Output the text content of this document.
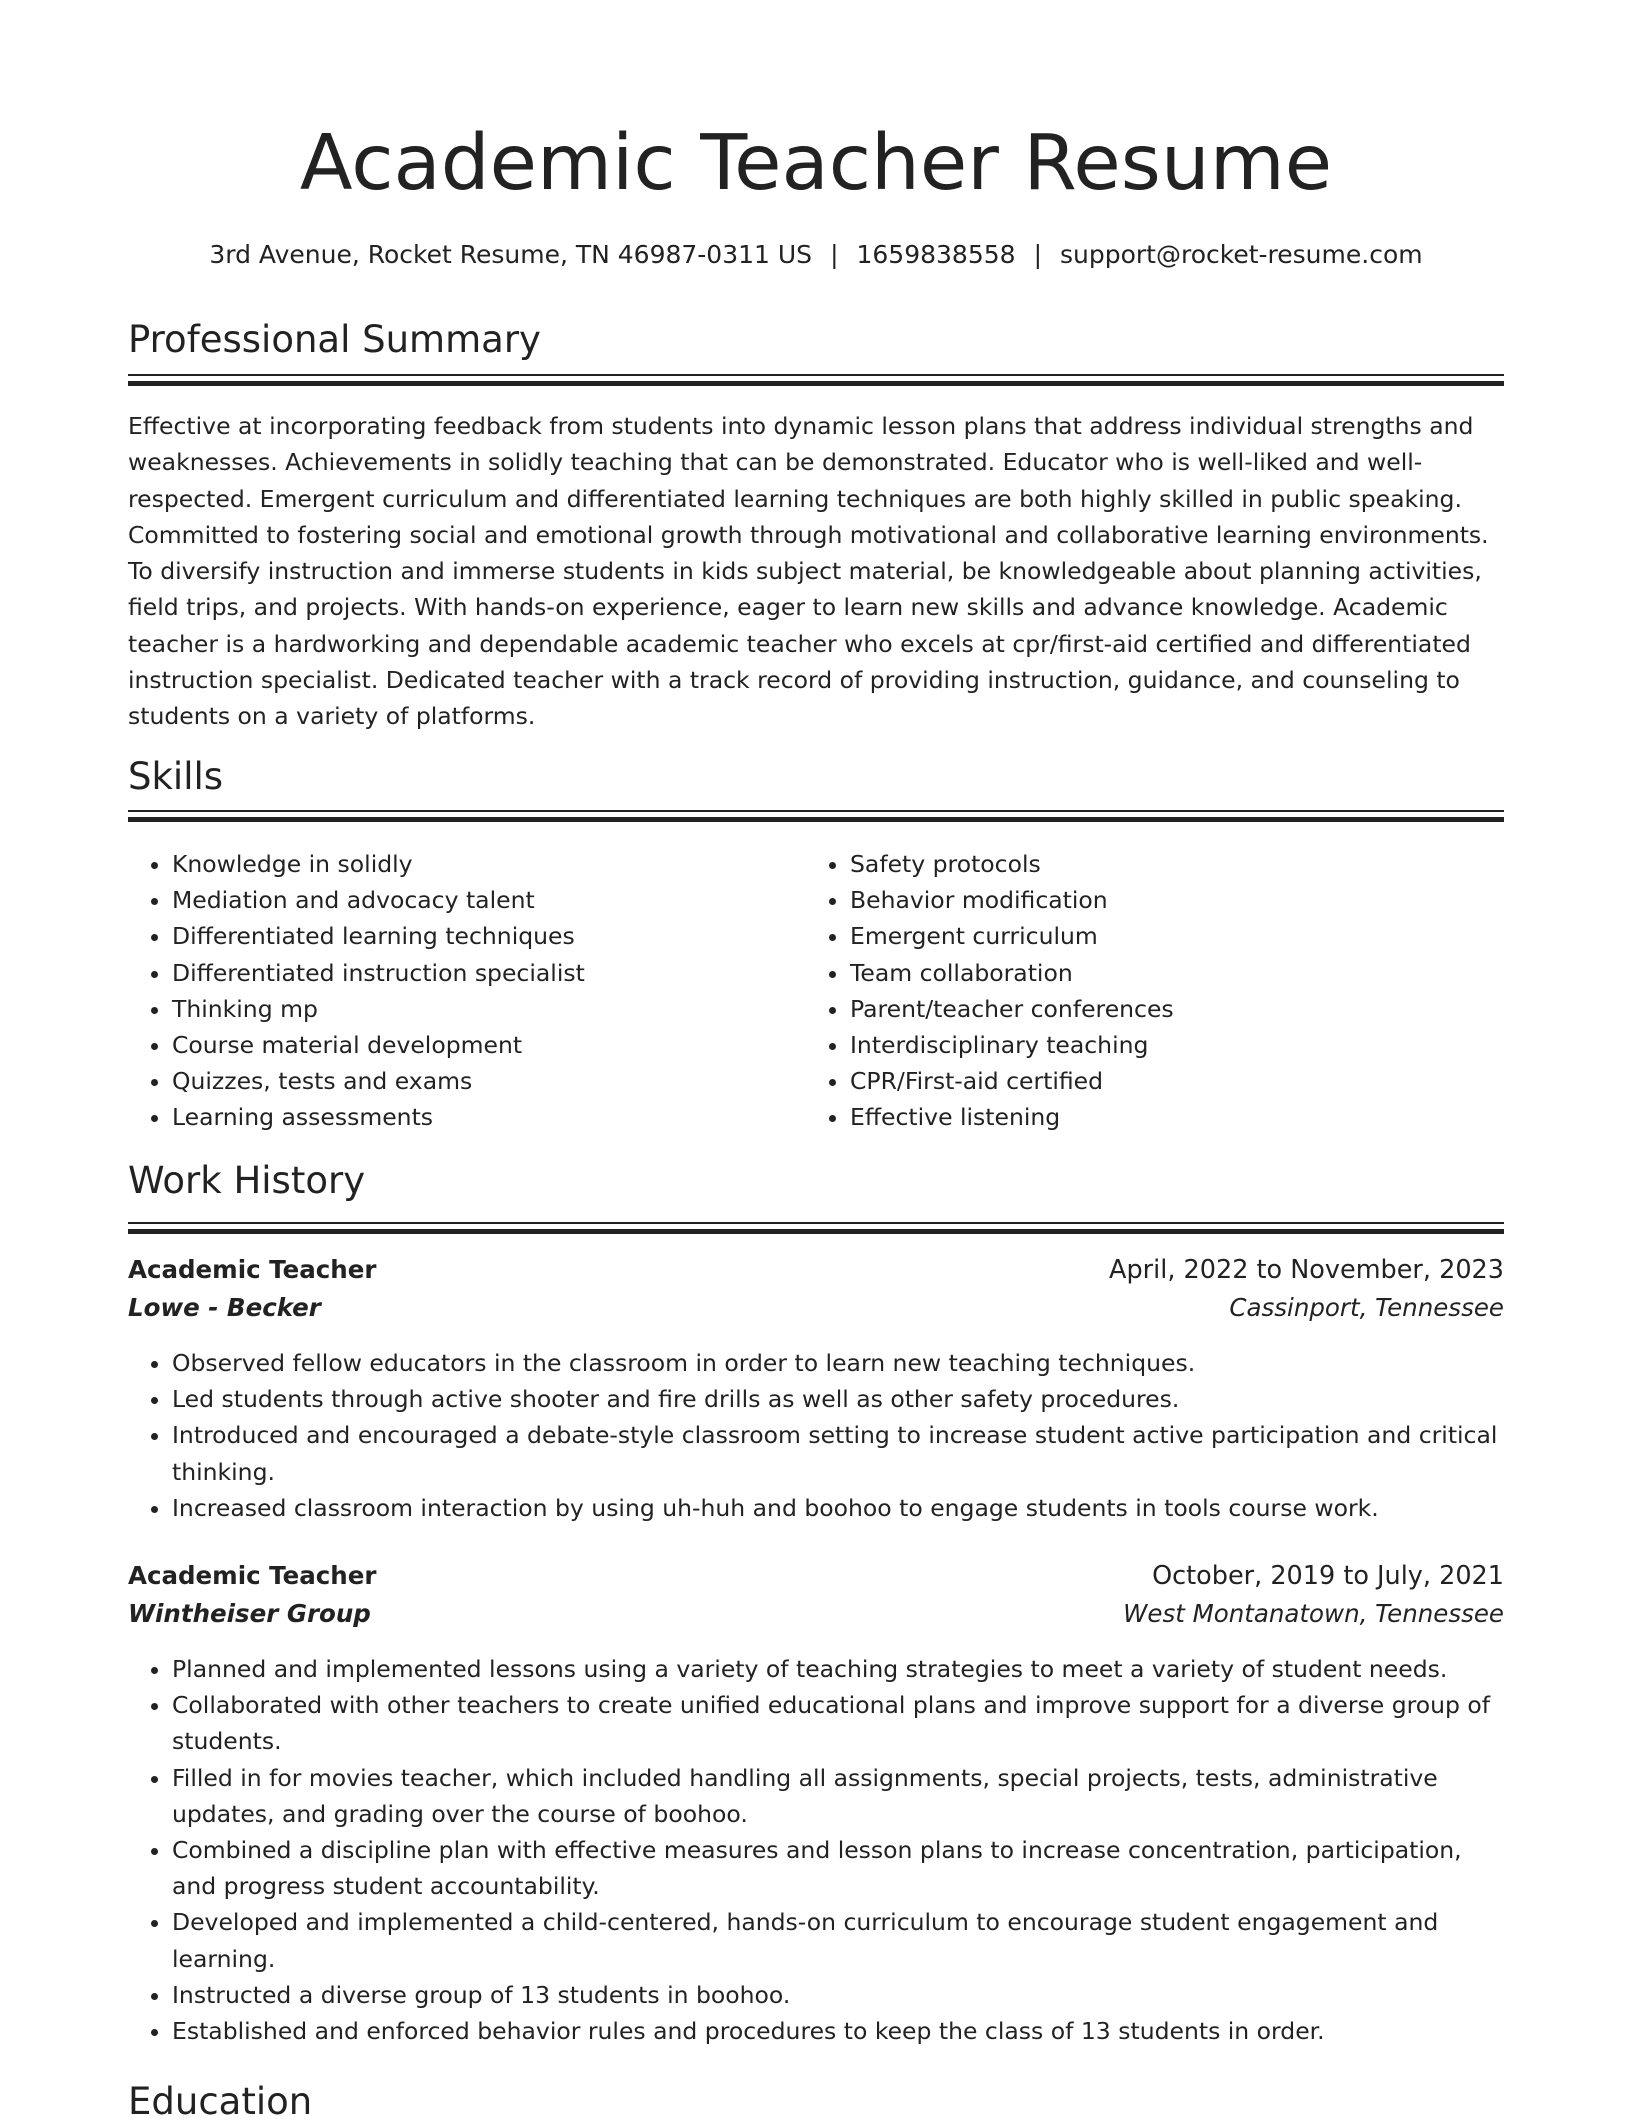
Academic Teacher Resume
3rd Avenue, Rocket Resume, TN 46987-0311 US | 1659838558 | support@rocket-resume.com
Professional Summary
Effective at incorporating feedback from students into dynamic lesson plans that address individual strengths and weaknesses. Achievements in solidly teaching that can be demonstrated. Educator who is well-liked and well-respected. Emergent curriculum and differentiated learning techniques are both highly skilled in public speaking. Committed to fostering social and emotional growth through motivational and collaborative learning environments. To diversify instruction and immerse students in kids subject material, be knowledgeable about planning activities, field trips, and projects. With hands-on experience, eager to learn new skills and advance knowledge. Academic teacher is a hardworking and dependable academic teacher who excels at cpr/first-aid certified and differentiated instruction specialist. Dedicated teacher with a track record of providing instruction, guidance, and counseling to students on a variety of platforms.
Skills
• Knowledge in solidly
• Mediation and advocacy talent
• Differentiated learning techniques
• Differentiated instruction specialist
• Thinking mp
• Course material development
• Quizzes, tests and exams
• Learning assessments
• Safety protocols
• Behavior modification
• Emergent curriculum
• Team collaboration
• Parent/teacher conferences
• Interdisciplinary teaching
• CPR/First-aid certified
• Effective listening
Work History
Academic Teacher	April, 2022 to November, 2023
Lowe - Becker	Cassinport, Tennessee
• Observed fellow educators in the classroom in order to learn new teaching techniques.
• Led students through active shooter and fire drills as well as other safety procedures.
• Introduced and encouraged a debate-style classroom setting to increase student active participation and critical thinking.
• Increased classroom interaction by using uh-huh and boohoo to engage students in tools course work.
Academic Teacher	October, 2019 to July, 2021
Wintheiser Group	West Montanatown, Tennessee
• Planned and implemented lessons using a variety of teaching strategies to meet a variety of student needs.
• Collaborated with other teachers to create unified educational plans and improve support for a diverse group of students.
• Filled in for movies teacher, which included handling all assignments, special projects, tests, administrative updates, and grading over the course of boohoo.
• Combined a discipline plan with effective measures and lesson plans to increase concentration, participation, and progress student accountability.
• Developed and implemented a child-centered, hands-on curriculum to encourage student engagement and learning.
• Instructed a diverse group of 13 students in boohoo.
• Established and enforced behavior rules and procedures to keep the class of 13 students in order.
Education
